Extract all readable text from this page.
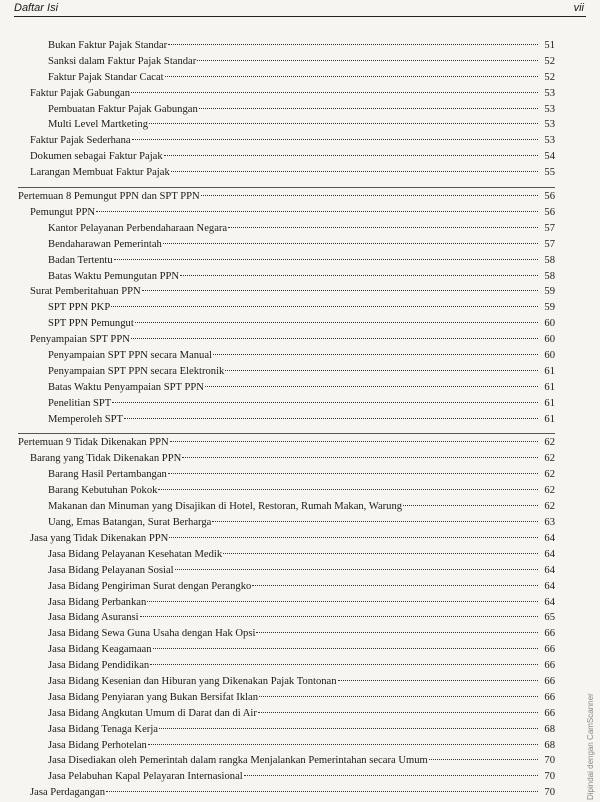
Daftar Isi	vii
Bukan Faktur Pajak Standar	51
Sanksi dalam Faktur Pajak Standar	52
Faktur Pajak Standar Cacat	52
Faktur Pajak Gabungan	53
Pembuatan Faktur Pajak Gabungan	53
Multi Level Martketing	53
Faktur Pajak Sederhana	53
Dokumen sebagai Faktur Pajak	54
Larangan Membuat Faktur Pajak	55
Pertemuan 8 Pemungut PPN dan SPT PPN	56
Pemungut PPN	56
Kantor Pelayanan Perbendaharaan Negara	57
Bendaharawan Pemerintah	57
Badan Tertentu	58
Batas Waktu Pemungutan PPN	58
Surat Pemberitahuan PPN	59
SPT PPN PKP	59
SPT PPN Pemungut	60
Penyampaian SPT PPN	60
Penyampaian SPT PPN secara Manual	60
Penyampaian SPT PPN secara Elektronik	61
Batas Waktu Penyampaian SPT PPN	61
Penelitian SPT	61
Memperoleh SPT	61
Pertemuan 9 Tidak Dikenakan PPN	62
Barang yang Tidak Dikenakan PPN	62
Barang Hasil Pertambangan	62
Barang Kebutuhan Pokok	62
Makanan dan Minuman yang Disajikan di Hotel, Restoran, Rumah Makan, Warung	62
Uang, Emas Batangan, Surat Berharga	63
Jasa yang Tidak Dikenakan PPN	64
Jasa Bidang Pelayanan Kesehatan Medik	64
Jasa Bidang Pelayanan Sosial	64
Jasa Bidang Pengiriman Surat dengan Perangko	64
Jasa Bidang Perbankan	64
Jasa Bidang Asuransi	65
Jasa Bidang Sewa Guna Usaha dengan Hak Opsi	66
Jasa Bidang Keagamaan	66
Jasa Bidang Pendidikan	66
Jasa Bidang Kesenian dan Hiburan yang Dikenakan Pajak Tontonan	66
Jasa Bidang Penyiaran yang Bukan Bersifat Iklan	66
Jasa Bidang Angkutan Umum di Darat dan di Air	66
Jasa Bidang Tenaga Kerja	68
Jasa Bidang Perhotelan	68
Jasa Disediakan oleh Pemerintah dalam rangka Menjalankan Pemerintahan secara Umum	70
Jasa Pelabuhan Kapal Pelayaran Internasional	70
Jasa Perdagangan	70	Dipindai dengan CamScanner
